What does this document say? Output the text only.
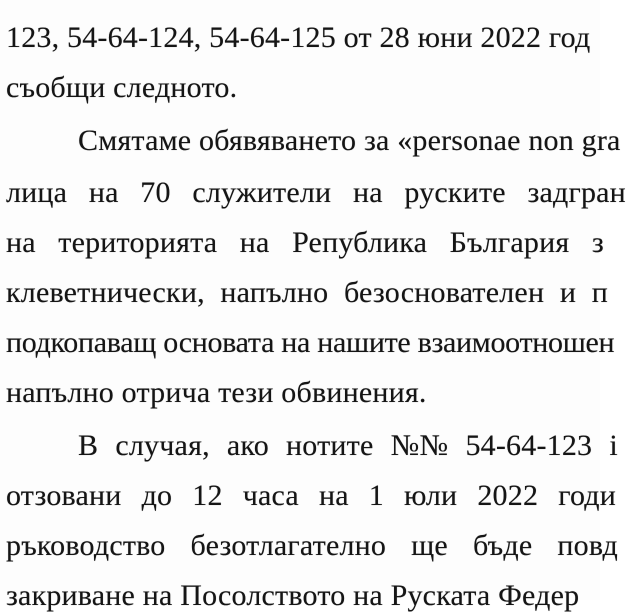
123, 54-64-124, 54-64-125 от 28 юни 2022 год
съобщи следното.
Смятаме обявяването за «personae non gra
лица на 70 служители на руските задгран
на територията на Република България з
клеветнически, напълно безоснователен и п
подкопаващ основата на нашите взаимоотношен
напълно отрича тези обвинения.
В случая, ако нотите №№ 54-64-123 і
отзовани до 12 часа на 1 юли 2022 годи
ръководство безотлагателно ще бъде повд
закриване на Посолството на Руската Федер
